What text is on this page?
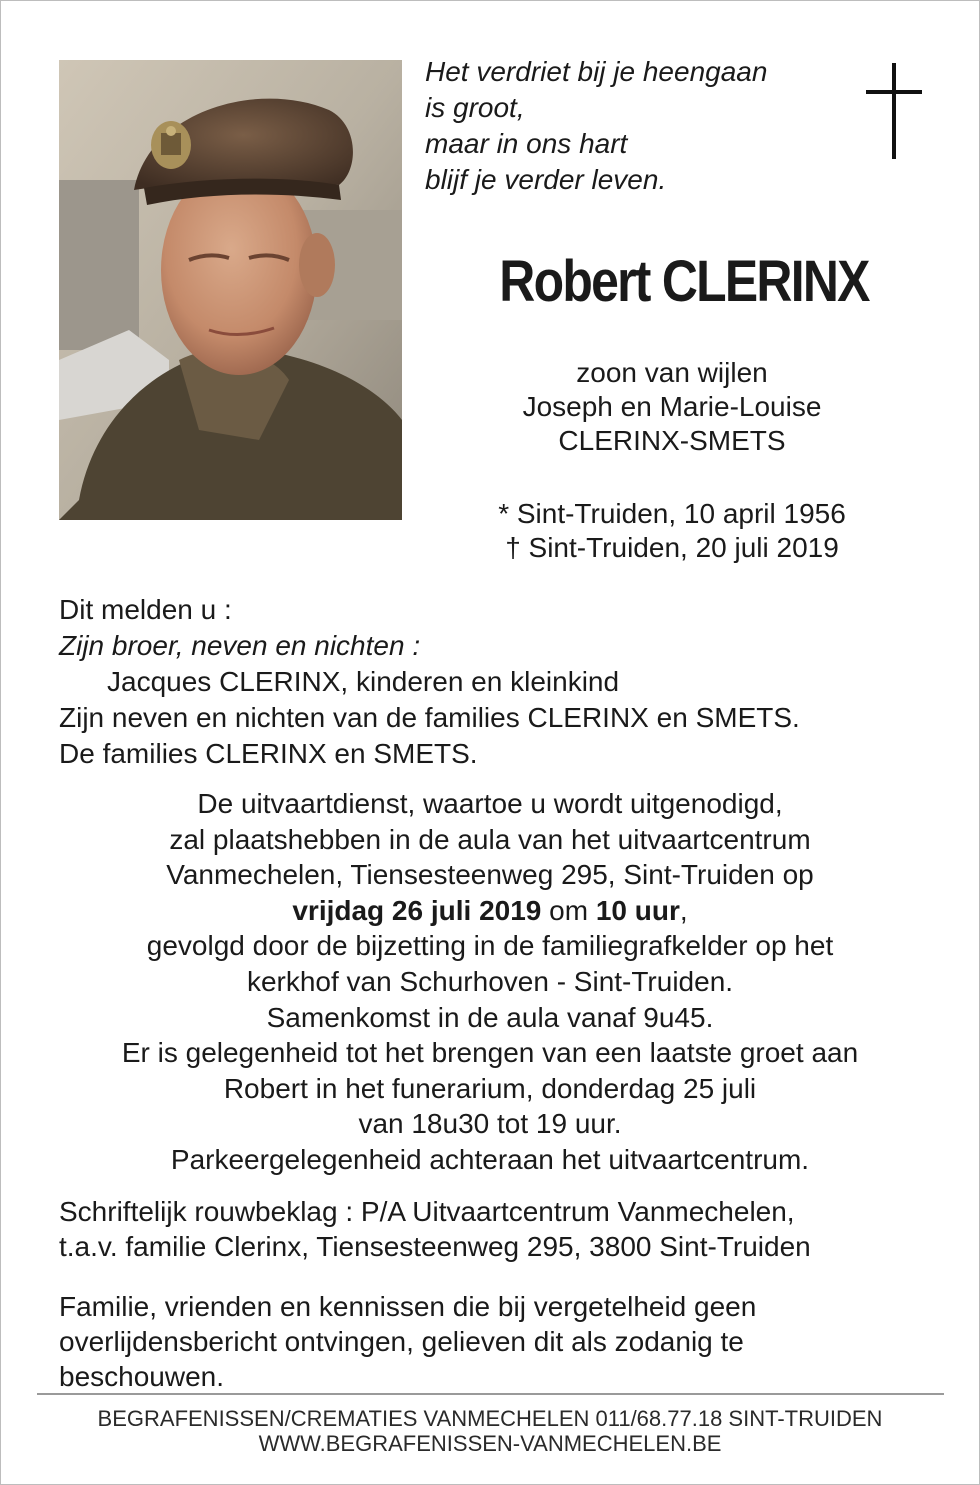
Het verdriet bij je heengaan
is groot,
maar in ons hart
blijf je verder leven.
Robert CLERINX
zoon van wijlen
Joseph en Marie-Louise
CLERINX-SMETS
* Sint-Truiden, 10 april 1956
† Sint-Truiden, 20 juli 2019
Dit melden u :
Zijn broer, neven en nichten :
Jacques CLERINX, kinderen en kleinkind
Zijn neven en nichten van de families CLERINX en SMETS.
De families CLERINX en SMETS.
De uitvaartdienst, waartoe u wordt uitgenodigd,
zal plaatshebben in de aula van het uitvaartcentrum
Vanmechelen, Tiensesteenweg 295, Sint-Truiden op
vrijdag 26 juli 2019 om 10 uur,
gevolgd door de bijzetting in de familiegrafkelder op het
kerkhof van Schurhoven - Sint-Truiden.
Samenkomst in de aula vanaf 9u45.
Er is gelegenheid tot het brengen van een laatste groet aan
Robert in het funerarium, donderdag 25 juli
van 18u30 tot 19 uur.
Parkeergelegenheid achteraan het uitvaartcentrum.
Schriftelijk rouwbeklag : P/A Uitvaartcentrum Vanmechelen,
t.a.v. familie Clerinx, Tiensesteenweg 295, 3800 Sint-Truiden
Familie, vrienden en kennissen die bij vergetelheid geen
overlijdensbericht ontvingen, gelieven dit als zodanig te
beschouwen.
BEGRAFENISSEN/CREMATIES VANMECHELEN 011/68.77.18 SINT-TRUIDEN
WWW.BEGRAFENISSEN-VANMECHELEN.BE
